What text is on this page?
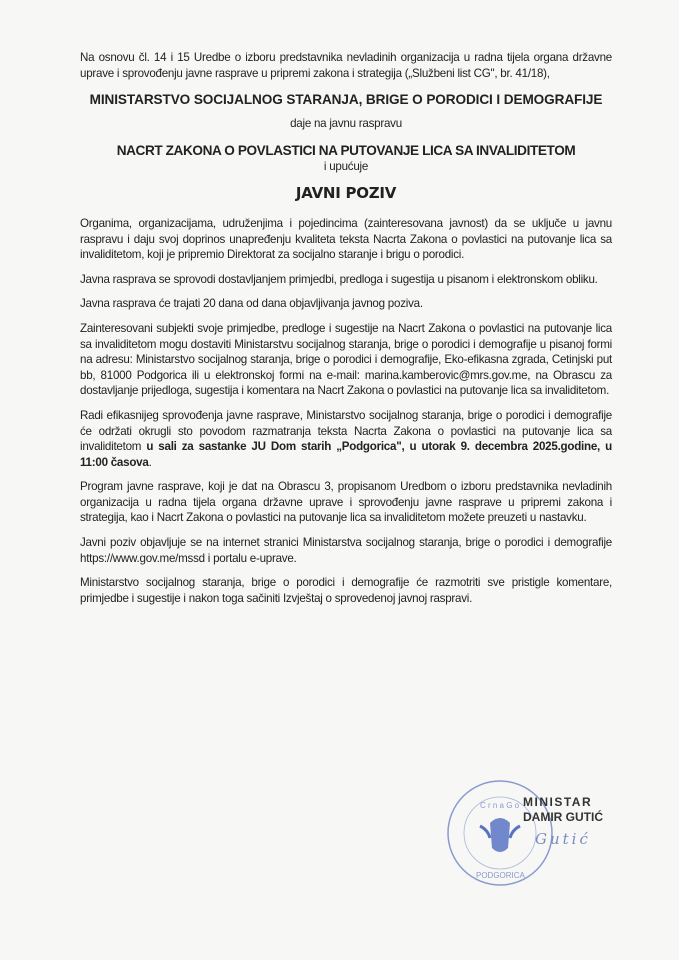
Na osnovu čl. 14 i 15 Uredbe o izboru predstavnika nevladinih organizacija u radna tijela organa državne uprave i sprovođenju javne rasprave u pripremi zakona i strategija („Službeni list CG", br. 41/18),

MINISTARSTVO SOCIJALNOG STARANJA, BRIGE O PORODICI I DEMOGRAFIJE
daje na javnu raspravu
NACRT ZAKONA O POVLASTICI NA PUTOVANJE LICA SA INVALIDITETOM
i upućuje
JAVNI POZIV

Organima, organizacijama, udruženjima i pojedincima (zainteresovana javnost) da se uključe u javnu raspravu i daju svoj doprinos unapređenju kvaliteta teksta Nacrta Zakona o povlastici na putovanje lica sa invaliditetom, koji je pripremio Direktorat za socijalno staranje i brigu o porodici.

Javna rasprava se sprovodi dostavljanjem primjedbi, predloga i sugestija u pisanom i elektronskom obliku.

Javna rasprava će trajati 20 dana od dana objavljivanja javnog poziva.

Zainteresovani subjekti svoje primjedbe, predloge i sugestije na Nacrt Zakona o povlastici na putovanje lica sa invaliditetom mogu dostaviti Ministarstvu socijalnog staranja, brige o porodici i demografije u pisanoj formi na adresu: Ministarstvo socijalnog staranja, brige o porodici i demografije, Eko-efikasna zgrada, Cetinjski put bb, 81000 Podgorica ili u elektronskoj formi na e-mail: marina.kamberovic@mrs.gov.me, na Obrascu za dostavljanje prijedloga, sugestija i komentara na Nacrt Zakona o povlastici na putovanje lica sa invaliditetom.

Radi efikasnijeg sprovođenja javne rasprave, Ministarstvo socijalnog staranja, brige o porodici i demografije će održati okrugli sto povodom razmatranja teksta Nacrta Zakona o povlastici na putovanje lica sa invaliditetom u sali za sastanke JU Dom starih „Podgorica", u utorak 9. decembra 2025.godine, u 11:00 časova.

Program javne rasprave, koji je dat na Obrascu 3, propisanom Uredbom o izboru predstavnika nevladinih organizacija u radna tijela organa državne uprave i sprovođenju javne rasprave u pripremi zakona i strategija, kao i Nacrt Zakona o povlastici na putovanje lica sa invaliditetom možete preuzeti u nastavku.

Javni poziv objavljuje se na internet stranici Ministarstva socijalnog staranja, brige o porodici i demografije https://www.gov.me/mssd i portalu e-uprave.

Ministarstvo socijalnog staranja, brige o porodici i demografije će razmotriti sve pristigle komentare, primjedbe i sugestije i nakon toga sačiniti Izvještaj o sprovedenoj javnoj raspravi.

C r n a G o
PODGORICA
MINISTAR
DAMIR GUTIĆ
Gutić
